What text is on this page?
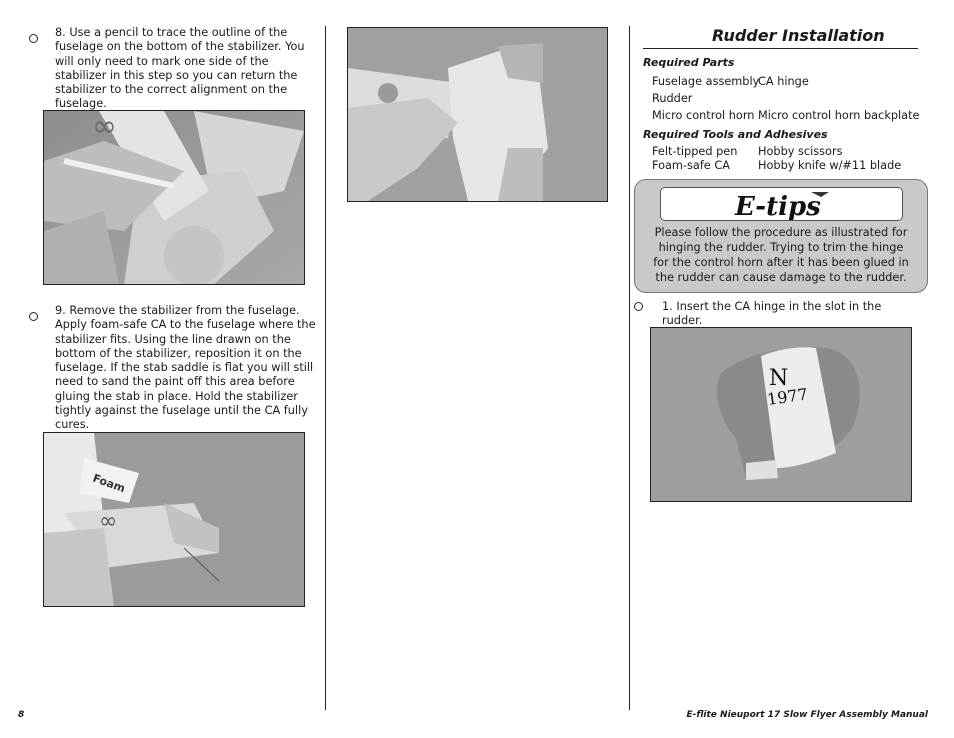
8. Use a pencil to trace the outline of the fuselage on the bottom of the stabilizer. You will only need to mark one side of the stabilizer in this step so you can return the stabilizer to the correct alignment on the fuselage.
∞
9. Remove the stabilizer from the fuselage. Apply foam-safe CA to the fuselage where the stabilizer fits. Using the line drawn on the bottom of the stabilizer, reposition it on the fuselage. If the stab saddle is flat you will still need to sand the paint off this area before gluing the stab in place. Hold the stabilizer tightly against the fuselage until the CA fully cures.
Foam
∞
Rudder Installation
Required Parts
Fuselage assembly
CA hinge
Rudder
Micro control horn Micro control horn backplate
Required Tools and Adhesives
Felt-tipped pen Hobby scissors
Foam-safe CA Hobby knife w/#11 blade
E-tips
Please follow the procedure as illustrated for hinging the rudder. Trying to trim the hinge for the control horn after it has been glued in the rudder can cause damage to the rudder.
1. Insert the CA hinge in the slot in the rudder.
N
1977
8	E-flite Nieuport 17 Slow Flyer Assembly Manual
